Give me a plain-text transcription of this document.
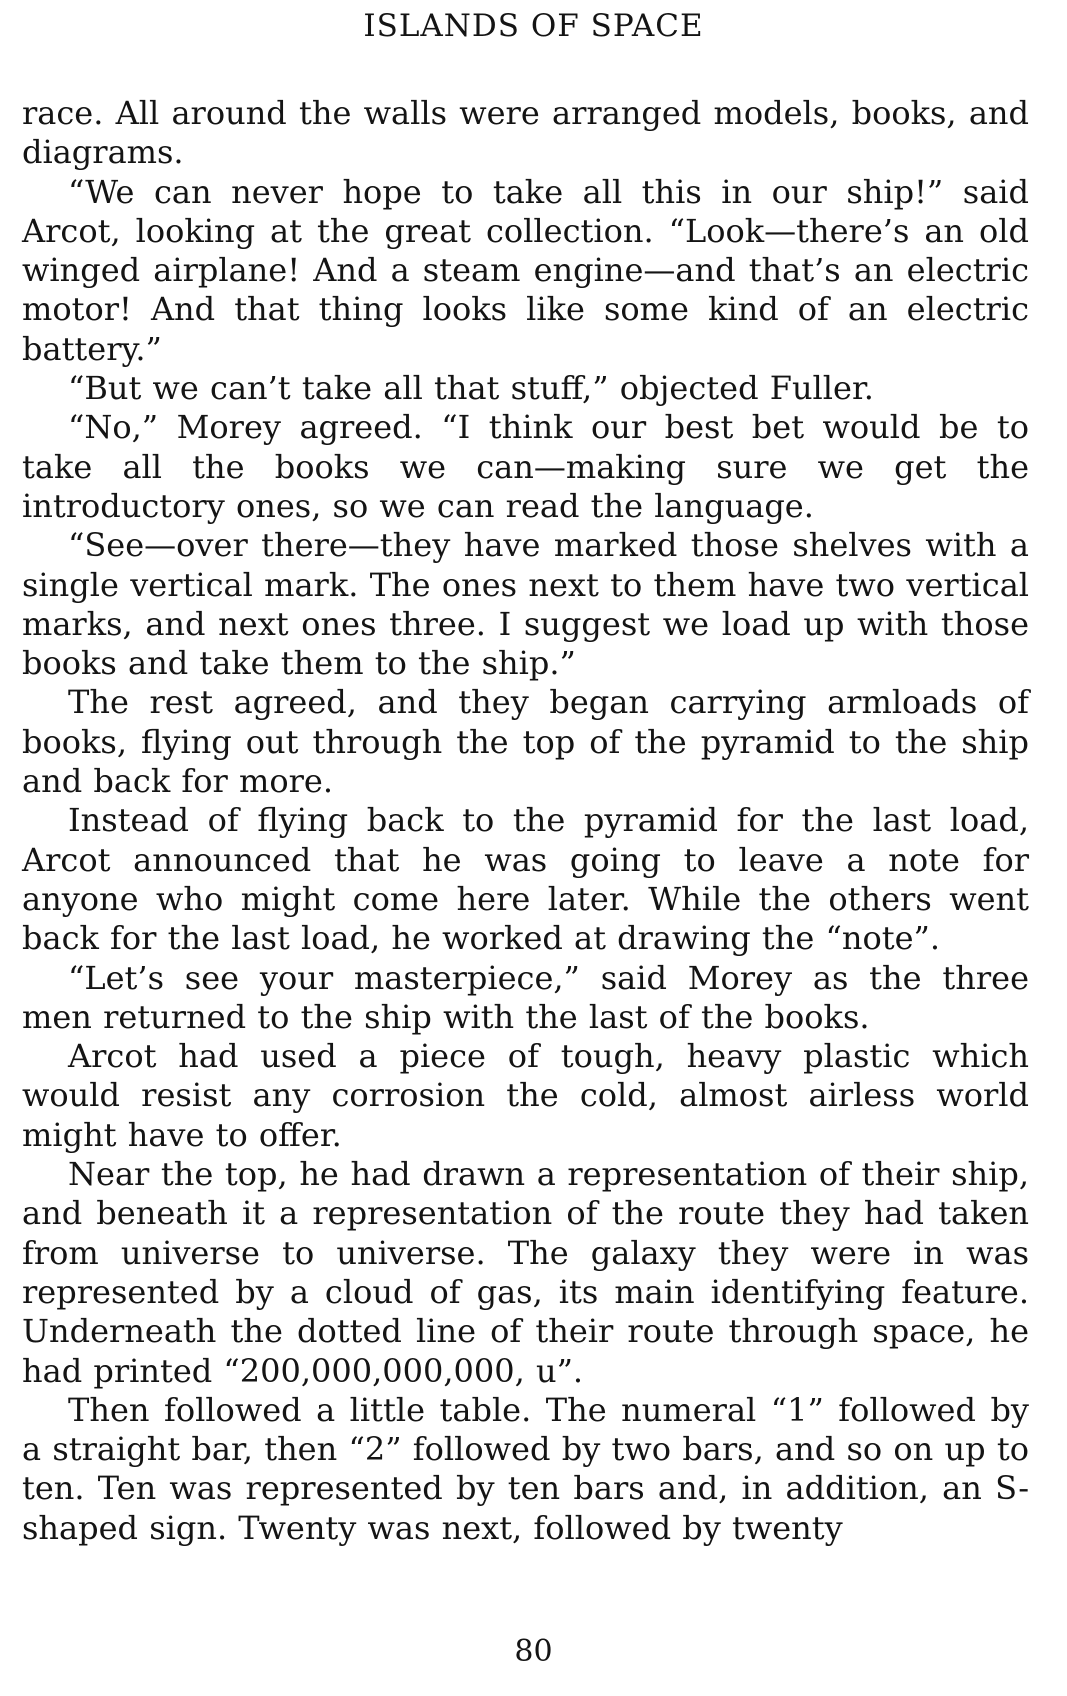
ISLANDS OF SPACE

race. All around the walls were arranged models, books, and diagrams.

“We can never hope to take all this in our ship!” said Arcot, looking at the great collection. “Look—there’s an old winged airplane! And a steam engine—and that’s an electric motor! And that thing looks like some kind of an electric battery.”

“But we can’t take all that stuff,” objected Fuller.

“No,” Morey agreed. “I think our best bet would be to take all the books we can—making sure we get the introductory ones, so we can read the language.

“See—over there—they have marked those shelves with a single vertical mark. The ones next to them have two vertical marks, and next ones three. I suggest we load up with those books and take them to the ship.”

The rest agreed, and they began carrying armloads of books, flying out through the top of the pyramid to the ship and back for more.

Instead of flying back to the pyramid for the last load, Arcot announced that he was going to leave a note for anyone who might come here later. While the others went back for the last load, he worked at drawing the “note”.

“Let’s see your masterpiece,” said Morey as the three men returned to the ship with the last of the books.

Arcot had used a piece of tough, heavy plastic which would resist any corrosion the cold, almost airless world might have to offer.

Near the top, he had drawn a representation of their ship, and beneath it a representation of the route they had taken from universe to universe. The galaxy they were in was represented by a cloud of gas, its main identifying feature. Underneath the dotted line of their route through space, he had printed “200,000,000,000, u”.

Then followed a little table. The numeral “1” followed by a straight bar, then “2” followed by two bars, and so on up to ten. Ten was represented by ten bars and, in addition, an S-shaped sign. Twenty was next, followed by twenty

80
